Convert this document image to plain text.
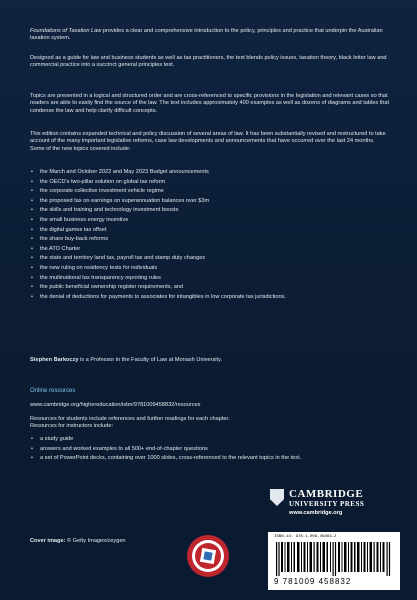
Foundations of Taxation Law provides a clear and comprehensive introduction to the policy, principles and practice that underpin the Australian taxation system.

Designed as a guide for law and business students as well as tax practitioners, the text blends policy issues, taxation theory, black letter law and commercial practice into a succinct general principles text.

Topics are presented in a logical and structured order and are cross-referenced to specific provisions in the legislation and relevant cases so that readers are able to easily find the source of the law. The text includes approximately 400 examples as well as dozens of diagrams and tables that condense the law and help clarify difficult concepts.

This edition contains expanded technical and policy discussion of several areas of law. It has been substantially revised and restructured to take account of the many important legislative reforms, case law developments and announcements that have occurred over the last 24 months. Some of the new topics covered include:

• the March and October 2022 and May 2023 Budget announcements
• the OECD’s two-pillar solution on global tax reform
• the corporate collective investment vehicle regime
• the proposed tax on earnings on superannuation balances over $3m
• the skills and training and technology investment boosts
• the small business energy incentive
• the digital games tax offset
• the share buy-back reforms
• the ATO Charter
• the state and territory land tax, payroll tax and stamp duty changes
• the new ruling on residency tests for individuals
• the multinational tax transparency reporting rules
• the public beneficial ownership register requirements, and
• the denial of deductions for payments to associates for intangibles in low corporate tax jurisdictions.

Stephen Barkoczy is a Professor in the Faculty of Law at Monash University.

Online resources
www.cambridge.org/highereducation/isbn/9781009458832/resources

Resources for students include references and further readings for each chapter.

Resources for instructors include:

• a study guide
• answers and worked examples to all 500+ end-of-chapter questions
• a set of PowerPoint decks, containing over 1000 slides, cross-referenced to the relevant topics in the text.
Cover image: © Getty Images/oxygen
CAMBRIDGE
UNIVERSITY PRESS
www.cambridge.org
ISBN-13: 978-1-009-45883-2
9 781009 458832
